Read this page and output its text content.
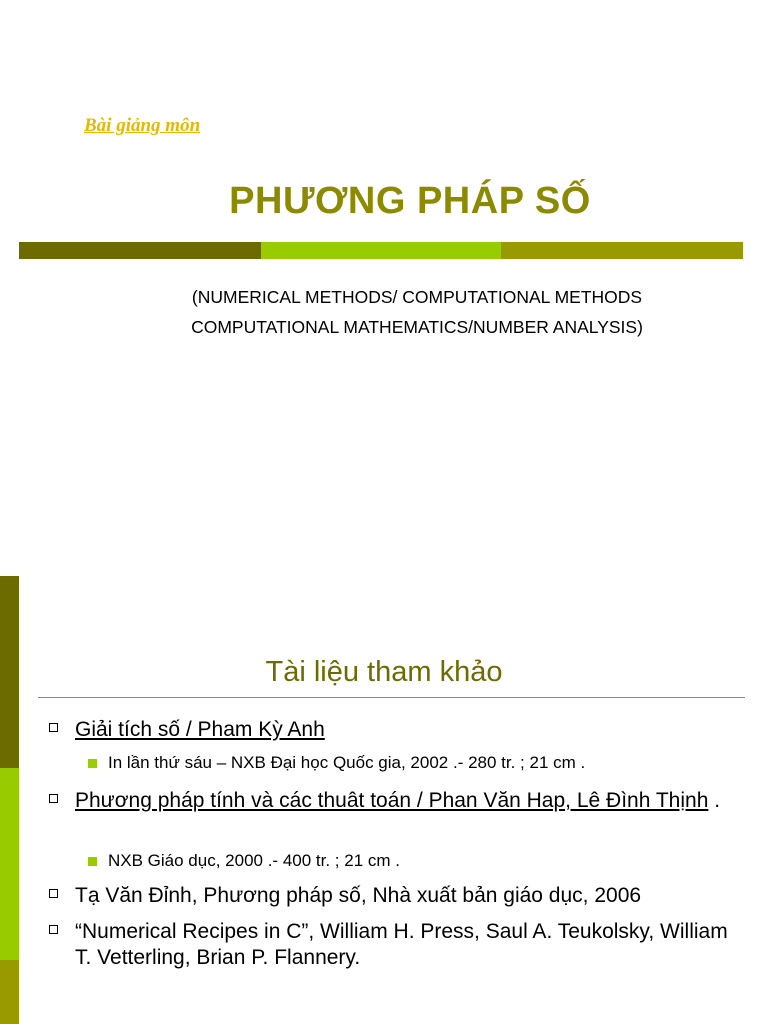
Bài giảng môn
PHƯƠNG PHÁP SỐ
(NUMERICAL METHODS/ COMPUTATIONAL METHODS
COMPUTATIONAL MATHEMATICS/NUMBER ANALYSIS)
Tài liệu tham khảo
Giải tích số / Pham Kỳ Anh
In lần thứ sáu – NXB Đại học Quốc gia, 2002 .- 280 tr. ; 21 cm .
Phương pháp tính và các thuât toán / Phan Văn Hap, Lê Đình Thịnh .
NXB Giáo dục, 2000 .- 400 tr. ; 21 cm .
Tạ Văn Đỉnh, Phương pháp số, Nhà xuất bản giáo dục, 2006
“Numerical Recipes in C”, William H. Press, Saul A. Teukolsky, William T. Vetterling, Brian P. Flannery.
